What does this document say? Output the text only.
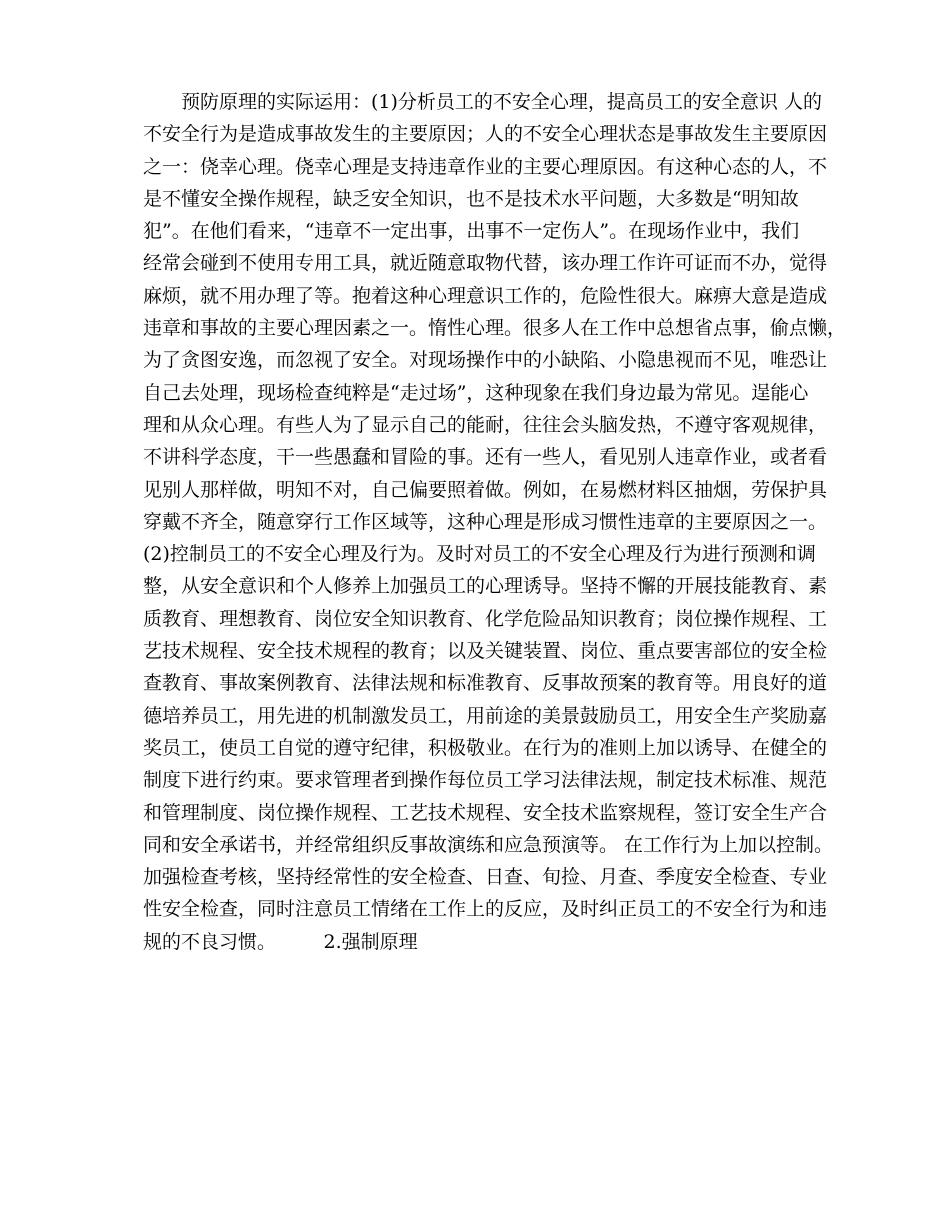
预防原理的实际运用：(1)分析员工的不安全心理，提高员工的安全意识 人的
不安全行为是造成事故发生的主要原因；人的不安全心理状态是事故发生主要原因
之一：侥幸心理。侥幸心理是支持违章作业的主要心理原因。有这种心态的人，不
是不懂安全操作规程，缺乏安全知识，也不是技术水平问题，大多数是“明知故
犯”。在他们看来，“违章不一定出事，出事不一定伤人”。在现场作业中，我们
经常会碰到不使用专用工具，就近随意取物代替，该办理工作许可证而不办，觉得
麻烦，就不用办理了等。抱着这种心理意识工作的，危险性很大。麻痹大意是造成
违章和事故的主要心理因素之一。惰性心理。很多人在工作中总想省点事，偷点懒，
为了贪图安逸，而忽视了安全。对现场操作中的小缺陷、小隐患视而不见，唯恐让
自己去处理，现场检查纯粹是“走过场”，这种现象在我们身边最为常见。逞能心
理和从众心理。有些人为了显示自己的能耐，往往会头脑发热，不遵守客观规律，
不讲科学态度，干一些愚蠢和冒险的事。还有一些人，看见别人违章作业，或者看
见别人那样做，明知不对，自己偏要照着做。例如，在易燃材料区抽烟，劳保护具
穿戴不齐全，随意穿行工作区域等，这种心理是形成习惯性违章的主要原因之一。
(2)控制员工的不安全心理及行为。及时对员工的不安全心理及行为进行预测和调
整，从安全意识和个人修养上加强员工的心理诱导。坚持不懈的开展技能教育、素
质教育、理想教育、岗位安全知识教育、化学危险品知识教育；岗位操作规程、工
艺技术规程、安全技术规程的教育；以及关键装置、岗位、重点要害部位的安全检
查教育、事故案例教育、法律法规和标准教育、反事故预案的教育等。用良好的道
德培养员工，用先进的机制激发员工，用前途的美景鼓励员工，用安全生产奖励嘉
奖员工，使员工自觉的遵守纪律，积极敬业。在行为的准则上加以诱导、在健全的
制度下进行约束。要求管理者到操作每位员工学习法律法规，制定技术标准、规范
和管理制度、岗位操作规程、工艺技术规程、安全技术监察规程，签订安全生产合
同和安全承诺书，并经常组织反事故演练和应急预演等。 在工作行为上加以控制。
加强检查考核，坚持经常性的安全检查、日查、旬捡、月查、季度安全检查、专业
性安全检查，同时注意员工情绪在工作上的反应，及时纠正员工的不安全行为和违
规的不良习惯。　　　2.强制原理
